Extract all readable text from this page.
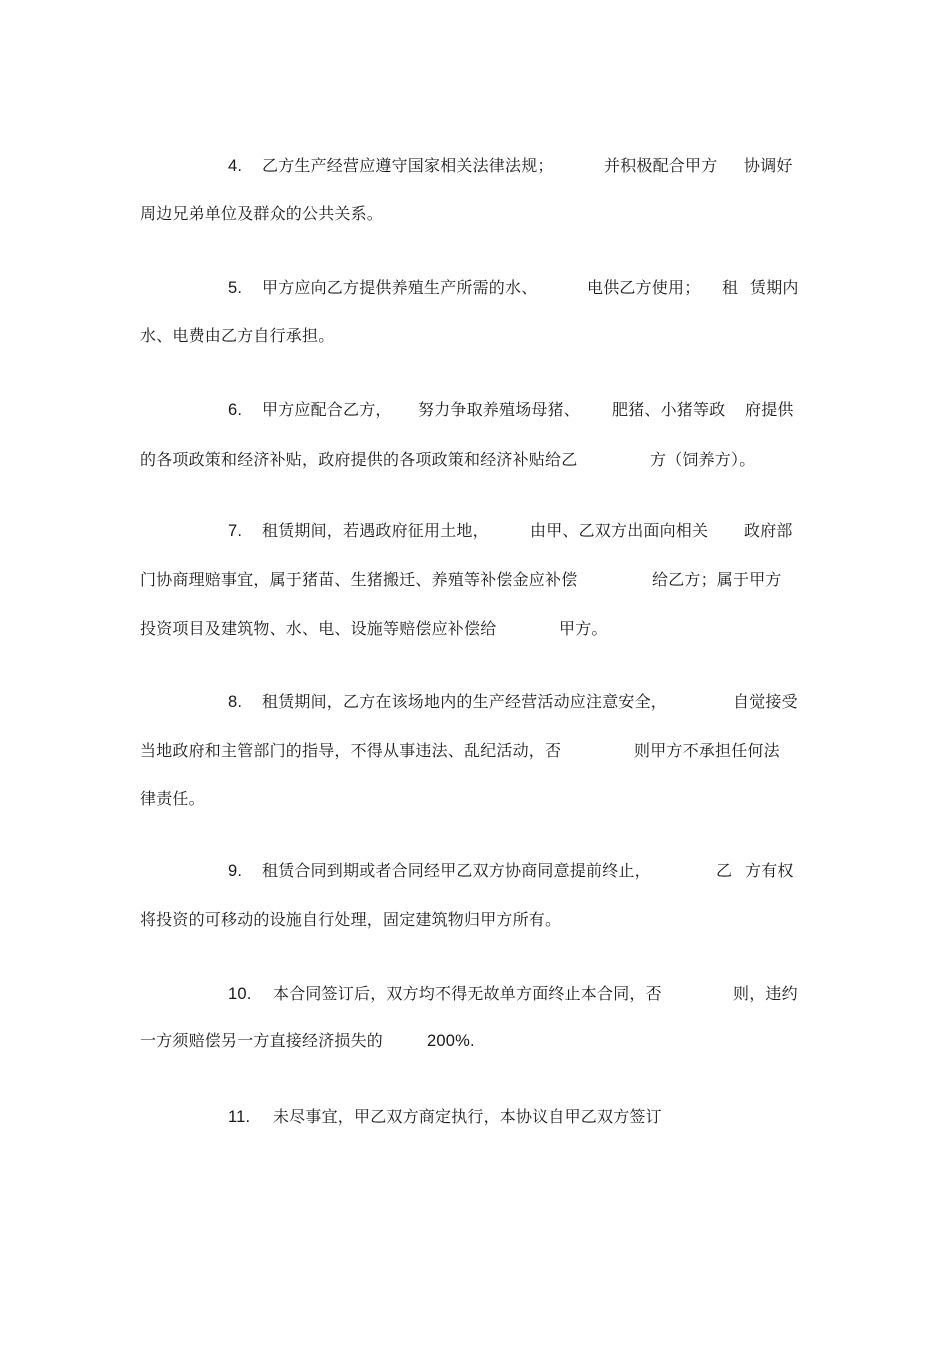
4. 乙方生产经营应遵守国家相关法律法规；	并积极配合甲方 协调好
周边兄弟单位及群众的公共关系。
5. 甲方应向乙方提供养殖生产所需的水、	电供乙方使用； 租 赁期内
水、电费由乙方自行承担。
6. 甲方应配合乙方， 努力争取养殖场母猪、 肥猪、小猪等政 府提供
的各项政策和经济补贴，政府提供的各项政策和经济补贴给乙	方（饲养方）。
7. 租赁期间，若遇政府征用土地，	由甲、乙双方出面向相关 政府部
门协商理赔事宜，属于猪苗、生猪搬迁、养殖等补偿金应补偿	给乙方；属于甲方
投资项目及建筑物、水、电、设施等赔偿应补偿给	甲方。
8. 租赁期间，乙方在该场地内的生产经营活动应注意安全，	自觉接受
当地政府和主管部门的指导，不得从事违法、乱纪活动，否	则甲方不承担任何法
律责任。
9. 租赁合同到期或者合同经甲乙双方协商同意提前终止，	乙 方有权
将投资的可移动的设施自行处理，固定建筑物归甲方所有。
10. 本合同签订后，双方均不得无故单方面终止本合同，否	则，违约
一方须赔偿另一方直接经济损失的	200%.
11. 未尽事宜，甲乙双方商定执行，本协议自甲乙双方签订
